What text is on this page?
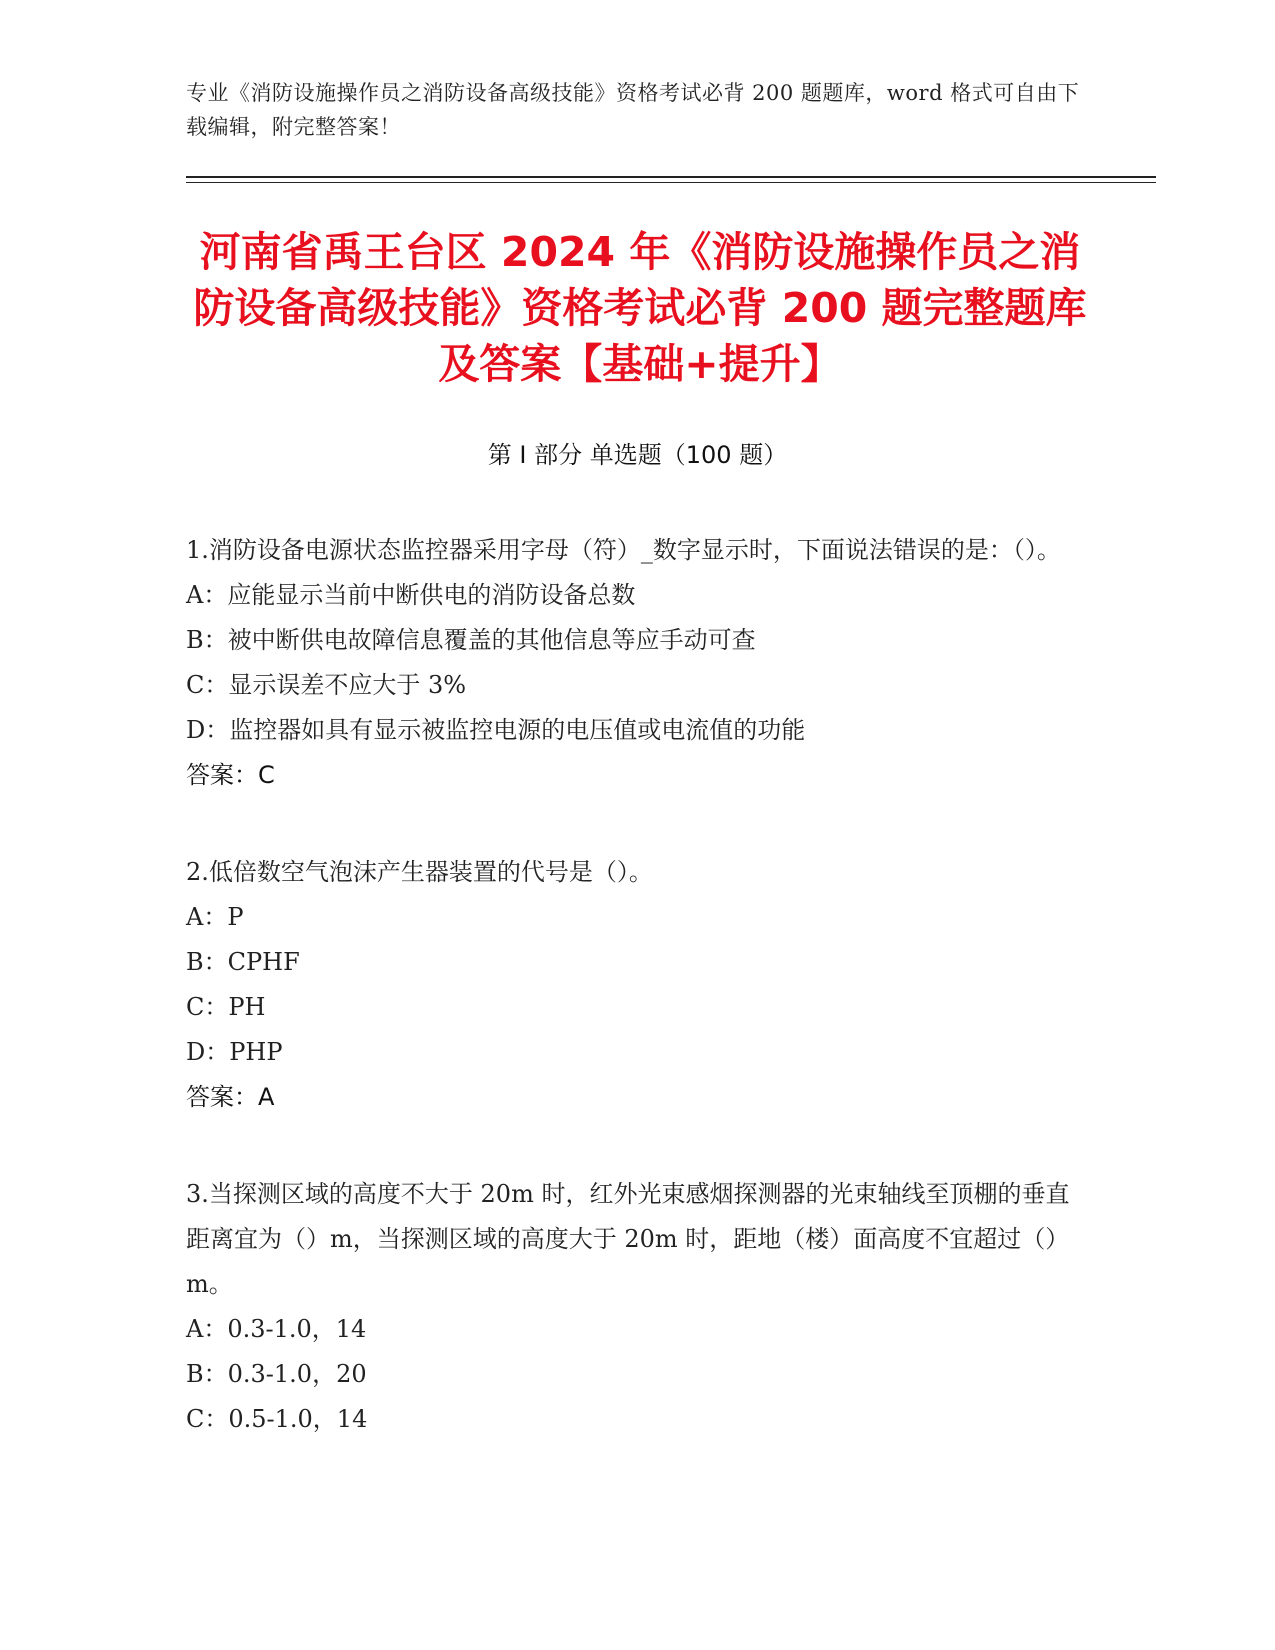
专业《消防设施操作员之消防设备高级技能》资格考试必背 200 题题库，word 格式可自由下载编辑，附完整答案！
河南省禹王台区 2024 年《消防设施操作员之消防设备高级技能》资格考试必背 200 题完整题库及答案【基础+提升】
第 I 部分 单选题（100 题）

1.消防设备电源状态监控器采用字母（符）_数字显示时，下面说法错误的是：（）。

A：应能显示当前中断供电的消防设备总数

B：被中断供电故障信息覆盖的其他信息等应手动可查

C：显示误差不应大于 3%

D：监控器如具有显示被监控电源的电压值或电流值的功能

答案：C

2.低倍数空气泡沫产生器装置的代号是（）。

A：P

B：CPHF

C：PH

D：PHP

答案：A

3.当探测区域的高度不大于 20m 时，红外光束感烟探测器的光束轴线至顶棚的垂直距离宜为（）m，当探测区域的高度大于 20m 时，距地（楼）面高度不宜超过（）m。

A：0.3-1.0，14

B：0.3-1.0，20

C：0.5-1.0，14
